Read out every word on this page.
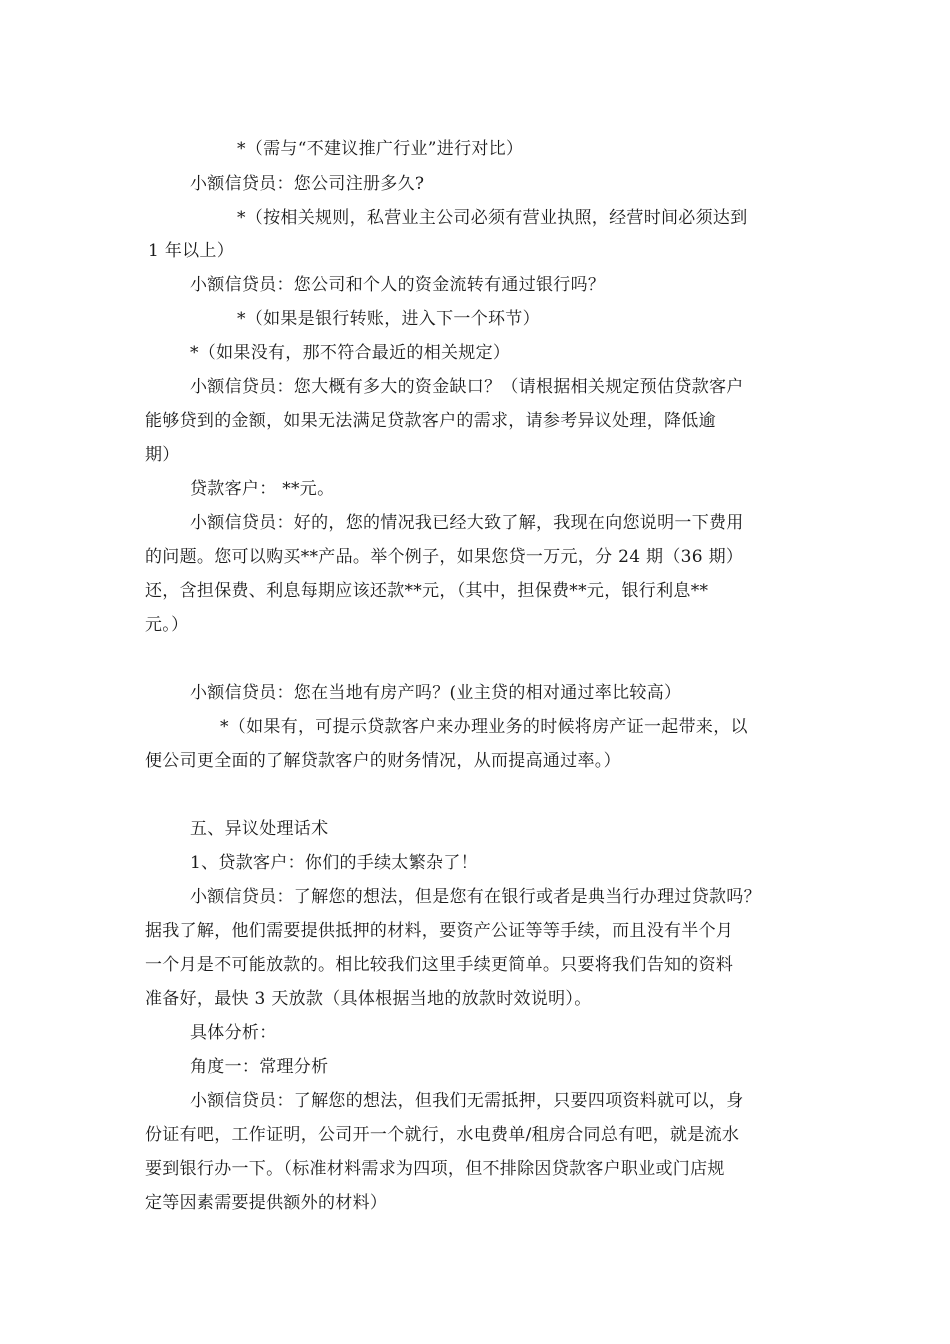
*（需与“不建议推广行业”进行对比）
小额信贷员：您公司注册多久?
*（按相关规则，私营业主公司必须有营业执照，经营时间必须达到
1 年以上）
小额信贷员：您公司和个人的资金流转有通过银行吗？
*（如果是银行转账，进入下一个环节）
*（如果没有，那不符合最近的相关规定）
小额信贷员：您大概有多大的资金缺口？（请根据相关规定预估贷款客户
能够贷到的金额，如果无法满足贷款客户的需求，请参考异议处理，降低逾
期）
贷款客户： **元。
小额信贷员：好的，您的情况我已经大致了解，我现在向您说明一下费用
的问题。您可以购买**产品。举个例子，如果您贷一万元，分 24 期（36 期）
还，含担保费、利息每期应该还款**元，（其中，担保费**元，银行利息**
元。）
小额信贷员：您在当地有房产吗？(业主贷的相对通过率比较高）
*（如果有，可提示贷款客户来办理业务的时候将房产证一起带来，以
便公司更全面的了解贷款客户的财务情况，从而提高通过率。）
五、异议处理话术
1、贷款客户：你们的手续太繁杂了！
小额信贷员：了解您的想法，但是您有在银行或者是典当行办理过贷款吗？
据我了解，他们需要提供抵押的材料，要资产公证等等手续，而且没有半个月
一个月是不可能放款的。相比较我们这里手续更简单。只要将我们告知的资料
准备好，最快 3 天放款（具体根据当地的放款时效说明）。
具体分析：
角度一：常理分析
小额信贷员：了解您的想法，但我们无需抵押，只要四项资料就可以，身
份证有吧，工作证明，公司开一个就行，水电费单/租房合同总有吧，就是流水
要到银行办一下。（标准材料需求为四项，但不排除因贷款客户职业或门店规
定等因素需要提供额外的材料）
